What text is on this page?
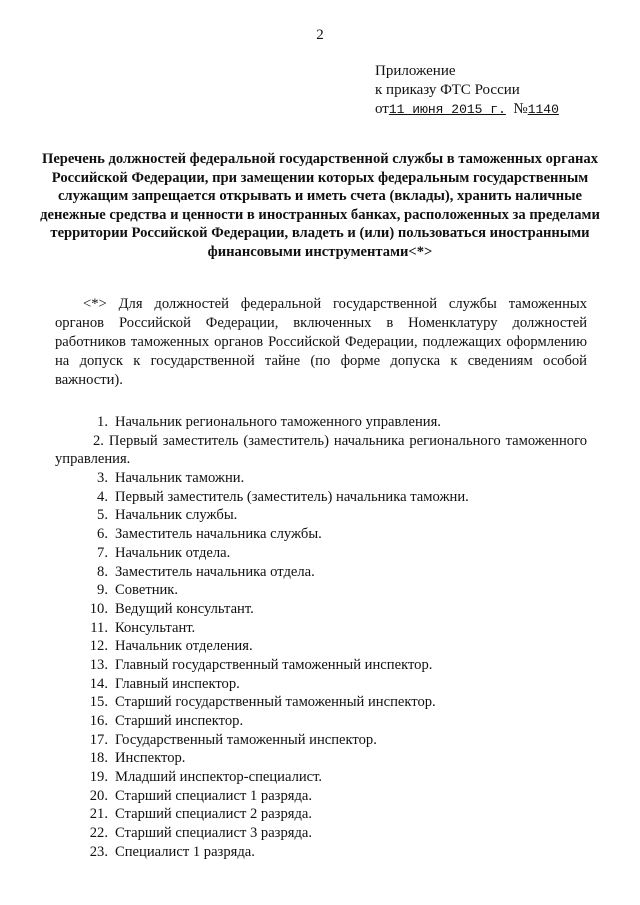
2
Приложение
к приказу ФТС России
от11 июня 2015 г. №1140
Перечень должностей федеральной государственной службы в таможенных органах Российской Федерации, при замещении которых федеральным государственным служащим запрещается открывать и иметь счета (вклады), хранить наличные денежные средства и ценности в иностранных банках, расположенных за пределами территории Российской Федерации, владеть и (или) пользоваться иностранными финансовыми инструментами<*>

<*> Для должностей федеральной государственной службы таможенных органов Российской Федерации, включенных в Номенклатуру должностей работников таможенных органов Российской Федерации, подлежащих оформлению на допуск к государственной тайне (по форме допуска к сведениям особой важности).

1. Начальник регионального таможенного управления.
2. Первый заместитель (заместитель) начальника регионального таможенного управления.
3. Начальник таможни.
4. Первый заместитель (заместитель) начальника таможни.
5. Начальник службы.
6. Заместитель начальника службы.
7. Начальник отдела.
8. Заместитель начальника отдела.
9. Советник.
10. Ведущий консультант.
11. Консультант.
12. Начальник отделения.
13. Главный государственный таможенный инспектор.
14. Главный инспектор.
15. Старший государственный таможенный инспектор.
16. Старший инспектор.
17. Государственный таможенный инспектор.
18. Инспектор.
19. Младший инспектор-специалист.
20. Старший специалист 1 разряда.
21. Старший специалист 2 разряда.
22. Старший специалист 3 разряда.
23. Специалист 1 разряда.
